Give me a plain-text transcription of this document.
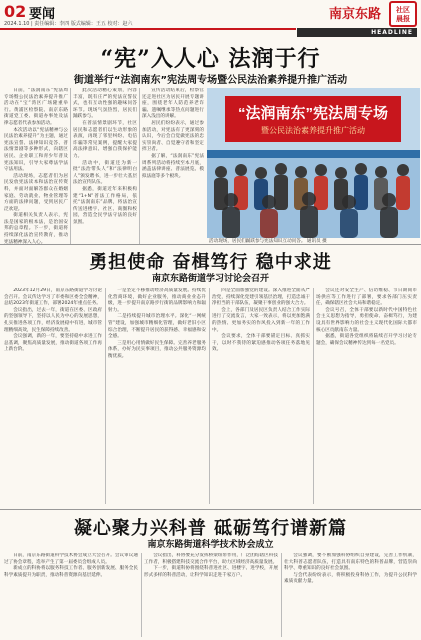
02 要闻
2024.1.10 | 责任编辑：李四 版式编辑：王五 校对：赵六
南京东路	社区
晨报
HEADLINE
“宪”入人心 法润于行
街道举行“法润南东”宪法周专场暨公民法治素养提升推广活动

日前，“法润南东”宪法周专场暨公民法治素养提升推广活动在“宝”湾区广场隆重举行。黄浦区检察院、南京东路街道党工委、街道办事处及法律志愿者代表参加活动。

本次活动以“宪法精神与公民法治素养提升”为主题，通过宪法宣誓、法律知识竞答、普法情景剧等多种形式，向辖区居民、企业职工和青少年普及宪法知识，引导大家尊法学法守法用法。

活动现场，志愿者们为居民发放宪法读本和法治宣传资料，并面对面解答群众在婚姻家庭、劳动就业、物业管理等方面的法律问题，受到居民广泛欢迎。

街道相关负责人表示，宪法是国家的根本法，是治国安邦的总章程。下一步，街道将持续深化法治宣传教育，推动宪法精神深入人心。

此次活动精心策划，内容丰富，既有庄严的宪法宣誓仪式，也有互动性强的趣味问答环节。现场气氛热烈，居民们踊跃参与。

在普法情景剧环节，社区居民和志愿者们以生动形象的表演，再现了邻里纠纷、电信诈骗等常见案例，提醒大家提高法律意识、增强自我保护能力。

活动中，街道还为新一批“法治带头人”和“法律明白人”颁发聘书，进一步壮大基层法治宣传队伍。

据悉，街道近年来积极构建“1+N”普法工作格局，依托“法润南东”品牌，将法治宣传送进楼宇、社区、商圈和校园，营造全民学法守法的良好氛围。

宣传活动结束后，检察官还走进社区为居民开展专题讲座，围绕老年人防范养老诈骗、遗嘱继承等热点问题进行深入浅出的讲解。

居民们纷纷表示，通过参加活动，对宪法有了更深刻的认识，今后会自觉做宪法的忠实崇尚者、自觉遵守者和坚定捍卫者。

据了解，“法润南东”宪法周系列活动将持续至本月底，涵盖法律讲座、普法展览、模拟法庭等多个板块。

“法润南东”宪法周专场
暨公民法治素养提升推广活动
活动现场，居民们踊跃参与宪法知识互动问答。 通讯员 摄
勇担使命 奋楫笃行 稳中求进
南京东路街道学习讨论会召开

2023年12月29日，南京东路街道学习讨论会召开。会议传达学习了市委和区委全会精神，总结2023年街道工作，部署2024年重点任务。

会议指出，过去一年，街道在区委、区政府的坚强领导下，坚持以人民为中心的发展思想，扎实推进各项工作，经济发展稳中有进，城市管理精细高效，民生保障持续改善。

会议强调，新的一年，要坚持稳中求进工作总基调，聚焦高质量发展，推动街道各项工作再上新台阶。

一是坚定不移推动经济高质量发展。持续优化营商环境，做好企业服务，推动商业业态升级，进一步提升南京路步行街的品牌影响力和辐射力。

二是持续提升城市治理水平。深化“一网统管”建设，加强城市精细化管理，做好老旧小区综合治理，不断提升居民的获得感、幸福感和安全感。

三是用心用情做好民生保障。完善养老服务体系，办好为民实事项目，推动公共服务资源均衡优质。

四是全面加强党的建设。深入推进全面从严治党，持续深化党建引领基层治理，打造忠诚干净担当的干部队伍，凝聚干事创业的强大合力。

会上，各部门及居民区负责人结合工作实际进行了交流发言，大家一致表示，将以更加饱满的热情、更加务实的作风投入到新一年的工作中。

会议要求，全体干部要锚定目标、真抓实干，以时不我待的紧迫感推动各项任务落地见效。

会议还对安全生产、信访维稳、节日期间市场供应等工作进行了部署，要求各部门压实责任，确保辖区社会大局和谐稳定。

会议号召，全体干部要以新时代中国特色社会主义思想为指导，勇担使命、奋楫笃行，为建设具有世界影响力的社会主义现代化国际大都市核心区贡献南东力量。

据悉，街道各党组织将陆续召开学习讨论专题会，确保会议精神传达到每一名党员。

凝心聚力兴科普 砥砺笃行谱新篇
南京东路街道科学技术协会成立

日前，南京东路街道科学技术协会成立大会召开。会议审议通过了协会章程，选举产生了第一届委员会组成人员。

新成立的科协将以服务科技工作者、服务创新发展、服务全民科学素质提升为职责，推动科普资源向基层延伸。

会议指出，科协要充分发挥桥梁纽带作用，广泛团结辖区科技工作者，积极搭建科技交流合作平台，助力区域经济高质量发展。

下一步，街道科协将围绕科普进社区、进楼宇、进学校，开展形式多样的科普活动，让科学知识走进千家万户。

会议强调，要不断加强科协组织自身建设，完善工作机制，壮大科普志愿者队伍，打造具有南东特色的科普品牌，营造崇尚科学、尊重知识的良好社会氛围。

与会代表纷纷表示，将积极投身科协工作，为提升公民科学素质贡献力量。
